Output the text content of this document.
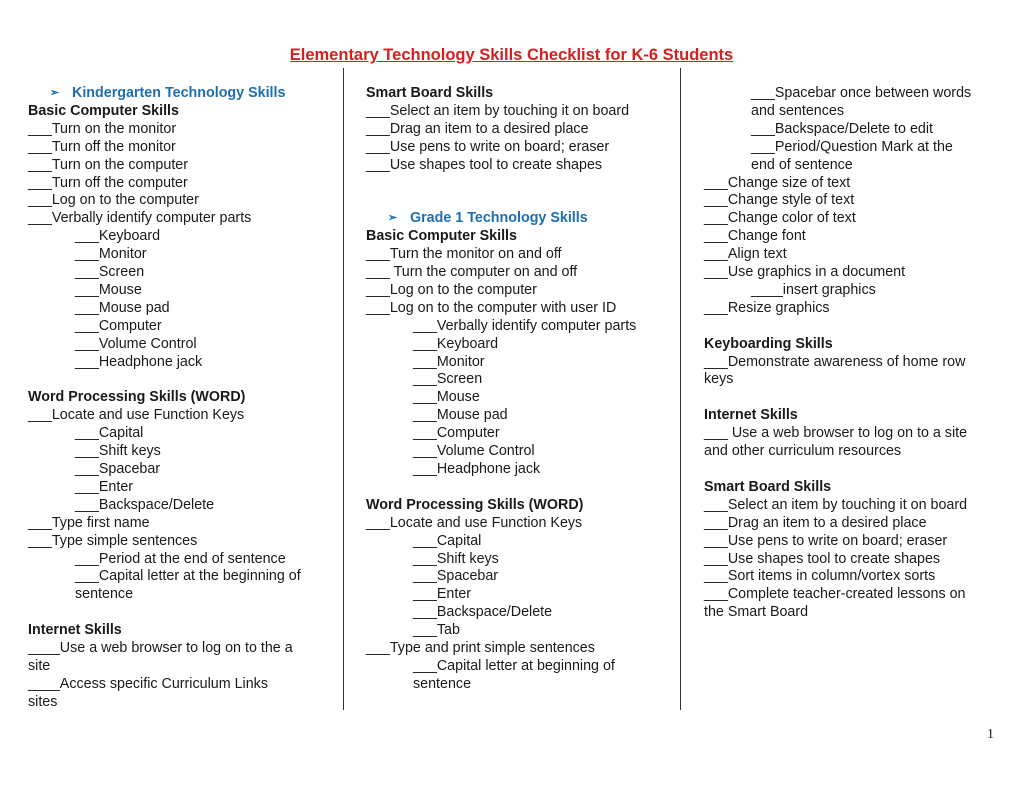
Elementary Technology Skills Checklist for K-6 Students
➢ Kindergarten Technology Skills
Basic Computer Skills
___Turn on the monitor
___Turn off the monitor
___Turn on the computer
___Turn off the computer
___Log on to the computer
___Verbally identify computer parts
___Keyboard
___Monitor
___Screen
___Mouse
___Mouse pad
___Computer
___Volume Control
___Headphone jack
Word Processing Skills (WORD)
___Locate and use Function Keys
___Capital
___Shift keys
___Spacebar
___Enter
___Backspace/Delete
___Type first name
___Type simple sentences
___Period at the end of sentence
___Capital letter at the beginning of
sentence
Internet Skills
____Use a web browser to log on to the a
site
____Access specific Curriculum Links
sites
Smart Board Skills
___Select an item by touching it on board
___Drag an item to a desired place
___Use pens to write on board; eraser
___Use shapes tool to create shapes
➢ Grade 1 Technology Skills
Basic Computer Skills
___Turn the monitor on and off
___ Turn the computer on and off
___Log on to the computer
___Log on to the computer with user ID
___Verbally identify computer parts
___Keyboard
___Monitor
___Screen
___Mouse
___Mouse pad
___Computer
___Volume Control
___Headphone jack
Word Processing Skills (WORD)
___Locate and use Function Keys
___Capital
___Shift keys
___Spacebar
___Enter
___Backspace/Delete
___Tab
___Type and print simple sentences
___Capital letter at beginning of
sentence
___Spacebar once between words
and sentences
___Backspace/Delete to edit
___Period/Question Mark at the
end of sentence
___Change size of text
___Change style of text
___Change color of text
___Change font
___Align text
___Use graphics in a document
____insert graphics
___Resize graphics
Keyboarding Skills
___Demonstrate awareness of home row
keys
Internet Skills
___ Use a web browser to log on to a site
and other curriculum resources
Smart Board Skills
___Select an item by touching it on board
___Drag an item to a desired place
___Use pens to write on board; eraser
___Use shapes tool to create shapes
___Sort items in column/vortex sorts
___Complete teacher-created lessons on
the Smart Board
1
